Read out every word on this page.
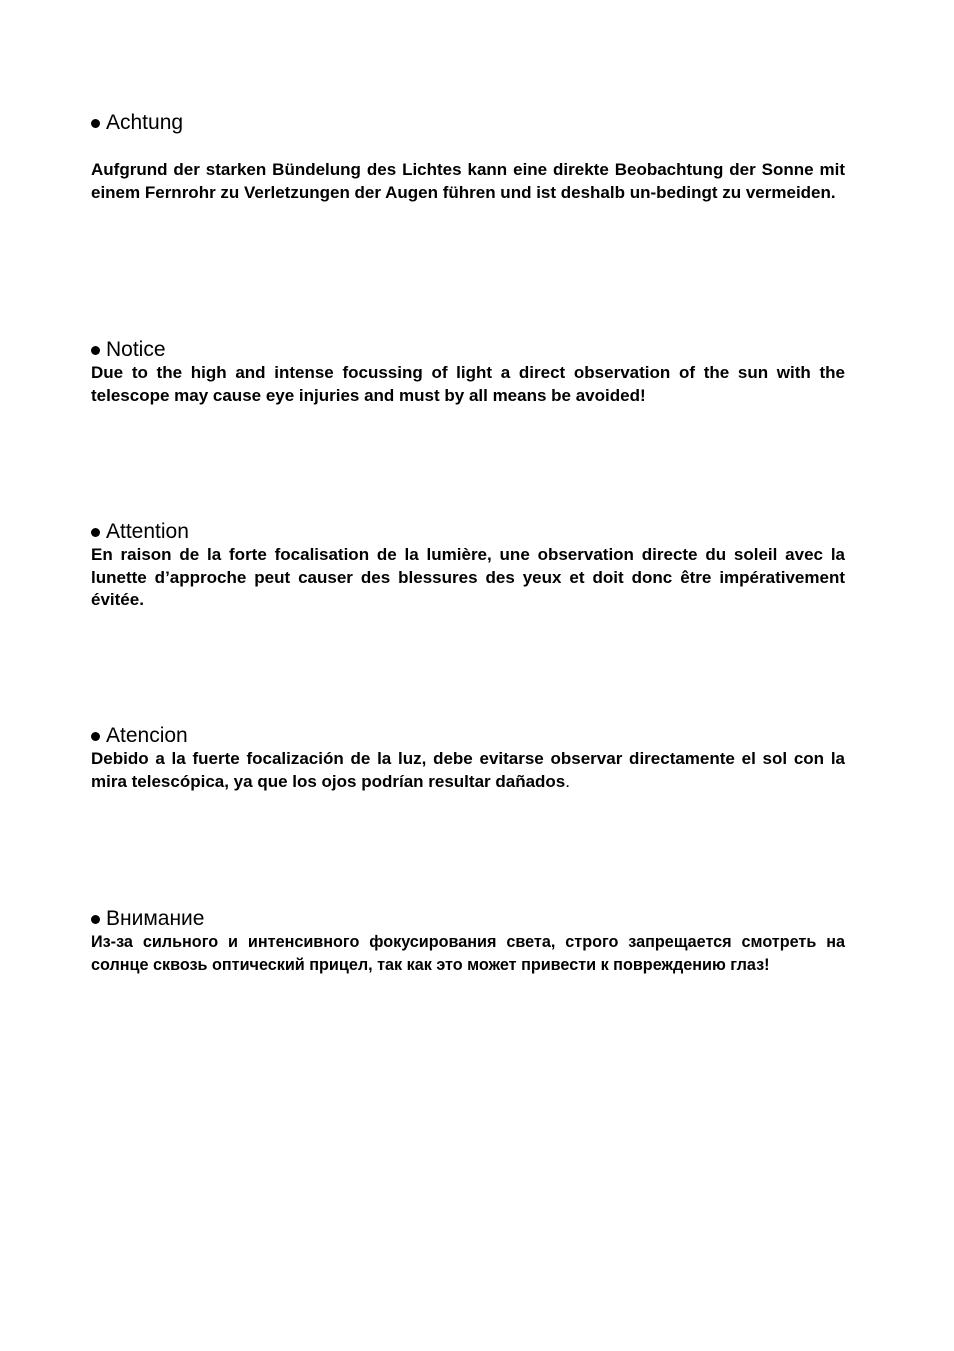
Achtung

Aufgrund der starken Bündelung des Lichtes kann eine direkte Beobachtung der Sonne mit einem Fernrohr zu Verletzungen der Augen führen und ist deshalb un-bedingt zu vermeiden.

Notice

Due to the high and intense focussing of light a direct observation of the sun with the telescope may cause eye injuries and must by all means be avoided!

Attention

En raison de la forte focalisation de la lumière, une observation directe du soleil avec la lunette d’approche peut causer des blessures des yeux et doit donc être impérativement évitée.

Atencion

Debido a la fuerte focalización de la luz, debe evitarse observar directamente el sol con la mira telescópica, ya que los ojos podrían resultar dañados.

Внимание

Из-за сильного и интенсивного фокусирования света, строго запрещается смотреть на солнце сквозь оптический прицел, так как это может привести к повреждению глаз!
